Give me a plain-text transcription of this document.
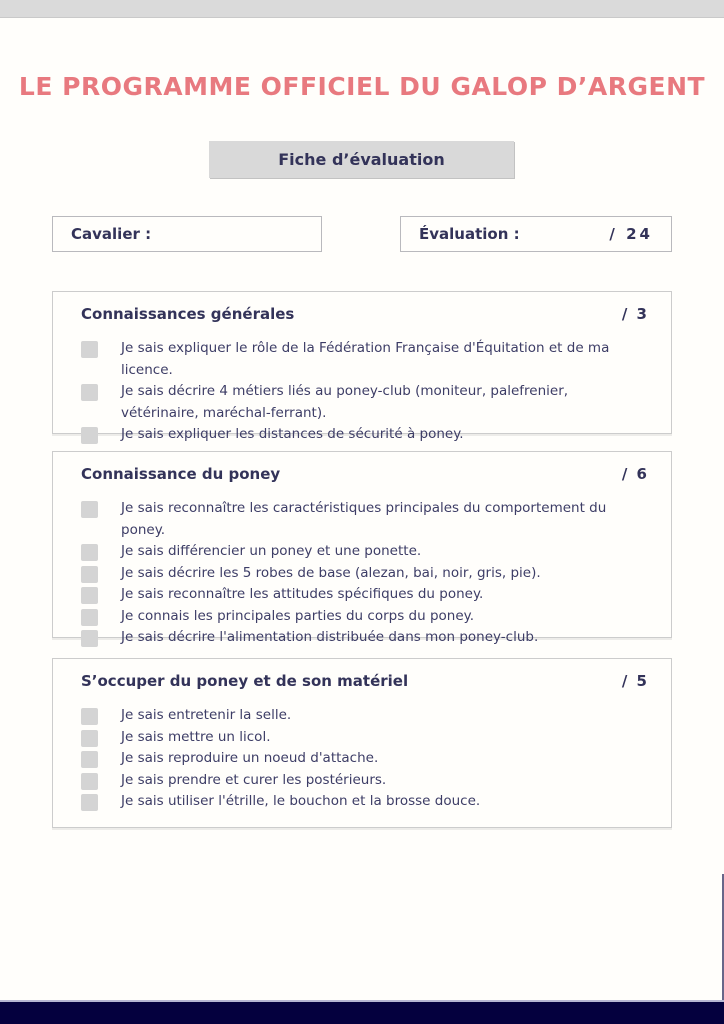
LE PROGRAMME OFFICIEL DU GALOP D’ARGENT
Fiche d’évaluation
Cavalier :	Évaluation :	/ 24
Connaissances générales	/ 3
Je sais expliquer le rôle de la Fédération Française d'Équitation et de ma licence.
Je sais décrire 4 métiers liés au poney-club (moniteur, palefrenier, vétérinaire, maréchal-ferrant).
Je sais expliquer les distances de sécurité à poney.
Connaissance du poney	/ 6
Je sais reconnaître les caractéristiques principales du comportement du poney.
Je sais différencier un poney et une ponette.
Je sais décrire les 5 robes de base (alezan, bai, noir, gris, pie).
Je sais reconnaître les attitudes spécifiques du poney.
Je connais les principales parties du corps du poney.
Je sais décrire l'alimentation distribuée dans mon poney-club.
S’occuper du poney et de son matériel	/ 5
Je sais entretenir la selle.
Je sais mettre un licol.
Je sais reproduire un noeud d'attache.
Je sais prendre et curer les postérieurs.
Je sais utiliser l'étrille, le bouchon et la brosse douce.
